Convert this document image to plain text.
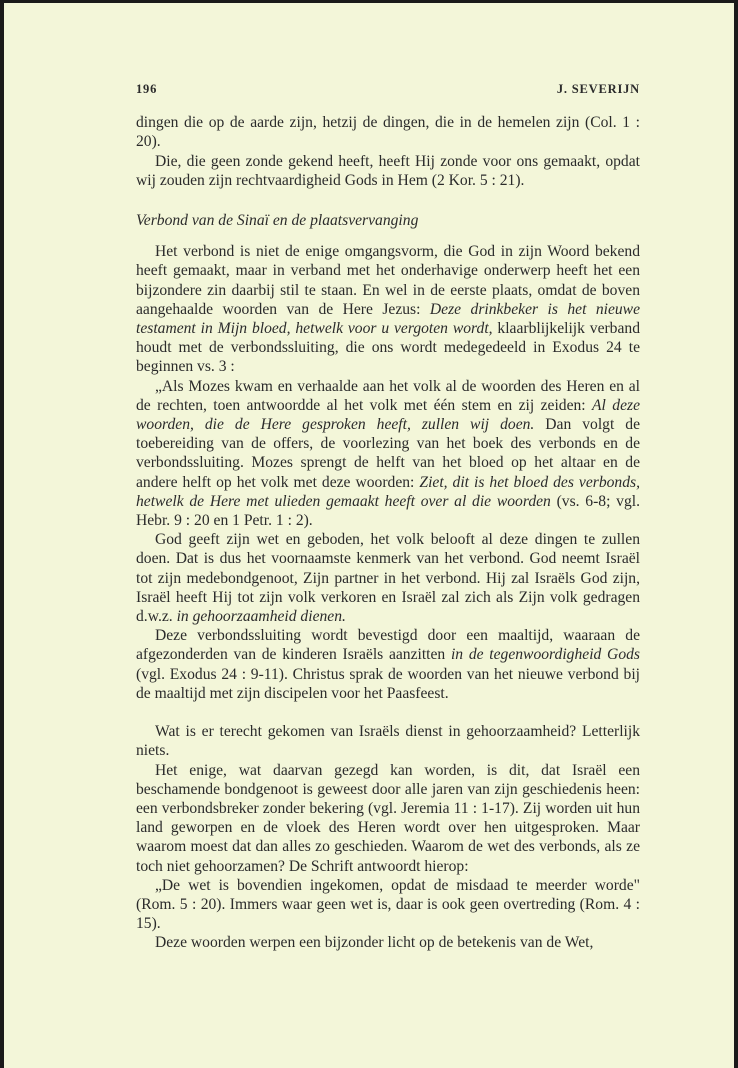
196	J. SEVERIJN

dingen die op de aarde zijn, hetzij de dingen, die in de hemelen zijn (Col. 1 : 20).

Die, die geen zonde gekend heeft, heeft Hij zonde voor ons gemaakt, opdat wij zouden zijn rechtvaardigheid Gods in Hem (2 Kor. 5 : 21).

Verbond van de Sinaï en de plaatsvervanging

Het verbond is niet de enige omgangsvorm, die God in zijn Woord bekend heeft gemaakt, maar in verband met het onderhavige onderwerp heeft het een bijzondere zin daarbij stil te staan. En wel in de eerste plaats, omdat de boven aangehaalde woorden van de Here Jezus: Deze drinkbeker is het nieuwe testament in Mijn bloed, hetwelk voor u vergoten wordt, klaarblijkelijk verband houdt met de verbondssluiting, die ons wordt medegedeeld in Exodus 24 te beginnen vs. 3 :

„Als Mozes kwam en verhaalde aan het volk al de woorden des Heren en al de rechten, toen antwoordde al het volk met één stem en zij zeiden: Al deze woorden, die de Here gesproken heeft, zullen wij doen. Dan volgt de toebereiding van de offers, de voorlezing van het boek des verbonds en de verbondssluiting. Mozes sprengt de helft van het bloed op het altaar en de andere helft op het volk met deze woorden: Ziet, dit is het bloed des verbonds, hetwelk de Here met ulieden gemaakt heeft over al die woorden (vs. 6-8; vgl. Hebr. 9 : 20 en 1 Petr. 1 : 2).

God geeft zijn wet en geboden, het volk belooft al deze dingen te zullen doen. Dat is dus het voornaamste kenmerk van het verbond. God neemt Israël tot zijn medebondgenoot, Zijn partner in het verbond. Hij zal Israëls God zijn, Israël heeft Hij tot zijn volk verkoren en Israël zal zich als Zijn volk gedragen d.w.z. in gehoorzaamheid dienen.

Deze verbondssluiting wordt bevestigd door een maaltijd, waaraan de afgezonderden van de kinderen Israëls aanzitten in de tegenwoordigheid Gods (vgl. Exodus 24 : 9-11). Christus sprak de woorden van het nieuwe verbond bij de maaltijd met zijn discipelen voor het Paasfeest.

Wat is er terecht gekomen van Israëls dienst in gehoorzaamheid? Letterlijk niets.

Het enige, wat daarvan gezegd kan worden, is dit, dat Israël een beschamende bondgenoot is geweest door alle jaren van zijn geschiedenis heen: een verbondsbreker zonder bekering (vgl. Jeremia 11 : 1-17). Zij worden uit hun land geworpen en de vloek des Heren wordt over hen uitgesproken. Maar waarom moest dat dan alles zo geschieden. Waarom de wet des verbonds, als ze toch niet gehoorzamen? De Schrift antwoordt hierop:

„De wet is bovendien ingekomen, opdat de misdaad te meerder worde" (Rom. 5 : 20). Immers waar geen wet is, daar is ook geen overtreding (Rom. 4 : 15).

Deze woorden werpen een bijzonder licht op de betekenis van de Wet,
